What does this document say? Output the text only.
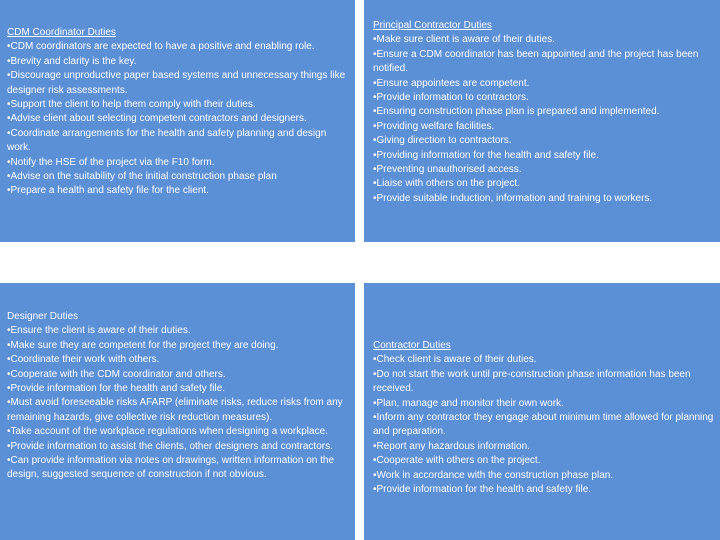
CDM Coordinator Duties
•CDM coordinators are expected to have a positive and enabling role.
•Brevity and clarity is the key.
•Discourage unproductive paper based systems and unnecessary things like designer risk assessments.
•Support the client to help them comply with their duties.
•Advise client about selecting competent contractors and designers.
•Coordinate arrangements for the health and safety planning and design work.
•Notify the HSE of the project via the F10 form.
•Advise on the suitability of the initial construction phase plan
•Prepare a health and safety file for the client.
Principal Contractor Duties
•Make sure client is aware of their duties.
•Ensure a CDM coordinator has been appointed and the project has been notified.
•Ensure appointees are competent.
•Provide information to contractors.
•Ensuring construction phase plan is prepared and implemented.
•Providing welfare facilities.
•Giving direction to contractors.
•Providing information for the health and safety file.
•Preventing unauthorised access.
•Liaise with others on the project.
•Provide suitable induction, information and training to workers.
Designer Duties
•Ensure the client is aware of their duties.
•Make sure they are competent for the project they are doing.
•Coordinate their work with others.
•Cooperate with the CDM coordinator and others.
•Provide information for the health and safety file.
•Must avoid foreseeable risks AFARP (eliminate risks, reduce risks from any remaining hazards, give collective risk reduction measures).
•Take account of the workplace regulations when designing a workplace.
•Provide information to assist the clients, other designers and contractors.
•Can provide information via notes on drawings, written information on the design, suggested sequence of construction if not obvious.
Contractor Duties
•Check client is aware of their duties.
•Do not start the work until pre-construction phase information has been received.
•Plan, manage and monitor their own work.
•Inform any contractor they engage about minimum time allowed for planning and preparation.
•Report any hazardous information.
•Cooperate with others on the project.
•Work in accordance with the construction phase plan.
•Provide information for the health and safety file.
